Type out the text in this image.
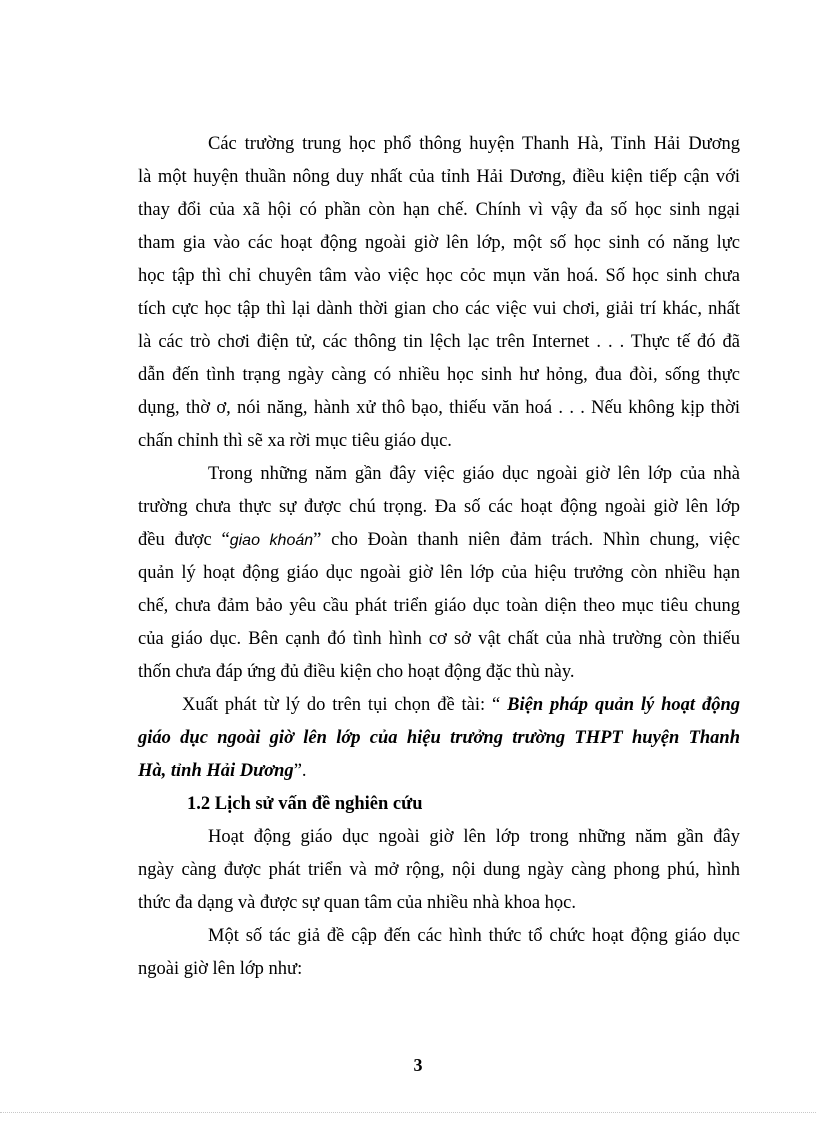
Các trường trung học phổ thông huyện Thanh Hà, Tỉnh Hải Dương
là một huyện thuần nông duy nhất của tỉnh Hải Dương, điều kiện tiếp cận với
thay đổi của xã hội có phần còn hạn chế. Chính vì vậy đa số học sinh ngại
tham gia vào các hoạt động ngoài giờ lên lớp, một số học sinh có năng lực
học tập thì chỉ chuyên tâm vào việc học cỏc mụn văn hoá. Số học sinh chưa
tích cực học tập thì lại dành thời gian cho các việc vui chơi, giải trí khác, nhất
là các trò chơi điện tử, các thông tin lệch lạc trên Internet . . . Thực tế đó đã
dẫn đến tình trạng ngày càng có nhiều học sinh hư hỏng, đua đòi, sống thực
dụng, thờ ơ, nói năng, hành xử thô bạo, thiếu văn hoá . . . Nếu không kịp thời
chấn chỉnh thì sẽ xa rời mục tiêu giáo dục.
Trong những năm gần đây việc giáo dục ngoài giờ lên lớp của nhà
trường chưa thực sự được chú trọng. Đa số các hoạt động ngoài giờ lên lớp
đều được “giao khoán” cho Đoàn thanh niên đảm trách. Nhìn chung, việc
quản lý hoạt động giáo dục ngoài giờ lên lớp của hiệu trưởng còn nhiều hạn
chế, chưa đảm bảo yêu cầu phát triển giáo dục toàn diện theo mục tiêu chung
của giáo dục. Bên cạnh đó tình hình cơ sở vật chất của nhà trường còn thiếu
thốn chưa đáp ứng đủ điều kiện cho hoạt động đặc thù này.
Xuất phát từ lý do trên tụi chọn đề tài: “ Biện pháp quản lý hoạt động
giáo dục ngoài giờ lên lớp của hiệu trưởng trường THPT huyện Thanh
Hà, tỉnh Hải Dương”.
1.2 Lịch sử vấn đề nghiên cứu
Hoạt động giáo dục ngoài giờ lên lớp trong những năm gần đây
ngày càng được phát triển và mở rộng, nội dung ngày càng phong phú, hình
thức đa dạng và được sự quan tâm của nhiều nhà khoa học.
Một số tác giả đề cập đến các hình thức tổ chức hoạt động giáo dục
ngoài giờ lên lớp như:
3
